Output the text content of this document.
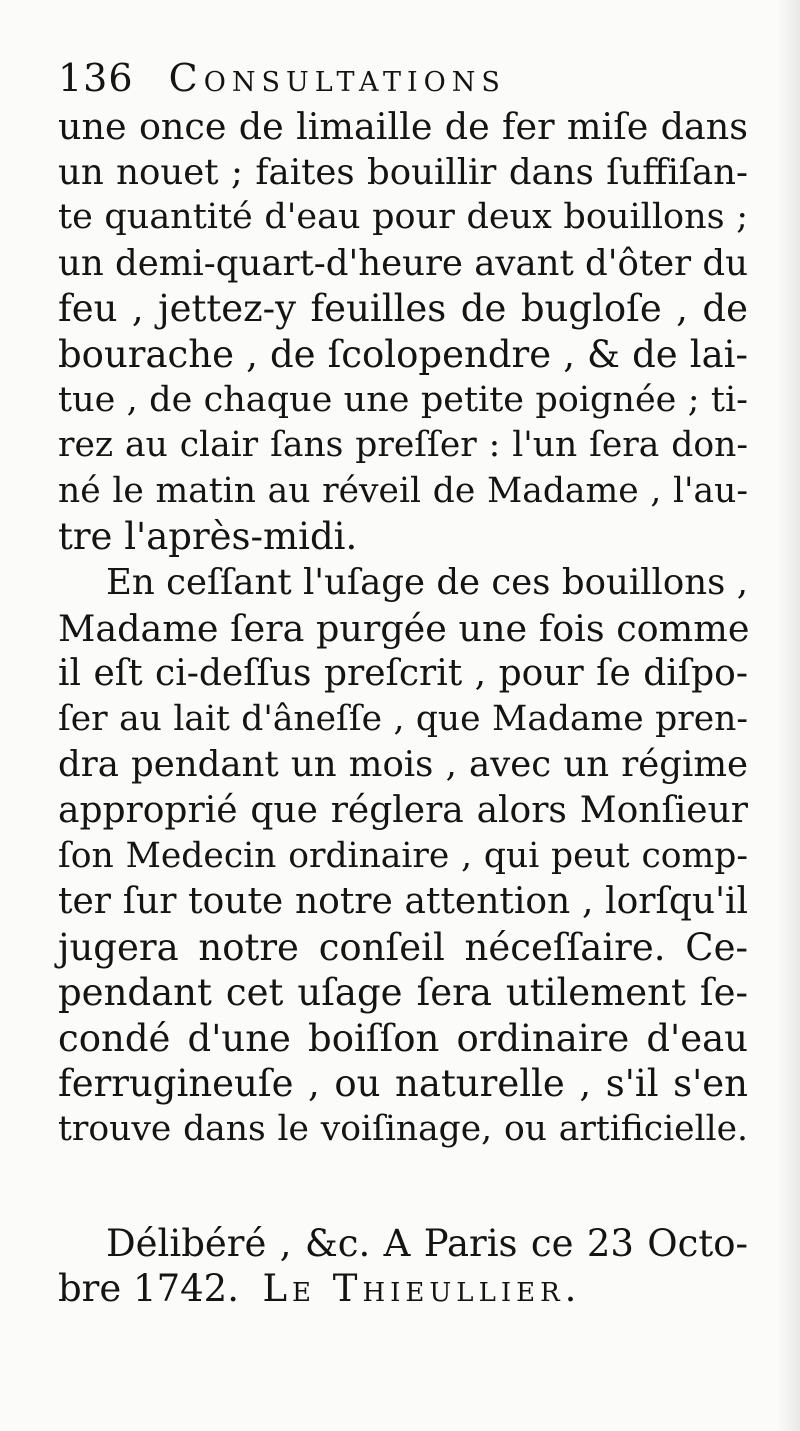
136 Consultations
une once de limaille de fer miſe dans
un nouet ; faites bouillir dans ſuffiſan-
te quantité d'eau pour deux bouillons ;
un demi-quart-d'heure avant d'ôter du
feu , jettez-y feuilles de bugloſe , de
bourache , de ſcolopendre , & de lai-
tue , de chaque une petite poignée ; ti-
rez au clair ſans preſſer : l'un ſera don-
né le matin au réveil de Madame , l'au-
tre l'après-midi.
En ceſſant l'uſage de ces bouillons ,
Madame ſera purgée une fois comme
il eſt ci-deſſus preſcrit , pour ſe diſpo-
ſer au lait d'âneſſe , que Madame pren-
dra pendant un mois , avec un régime
approprié que réglera alors Monſieur
ſon Medecin ordinaire , qui peut comp-
ter ſur toute notre attention , lorſqu'il
jugera notre conſeil néceſſaire. Ce-
pendant cet uſage ſera utilement ſe-
condé d'une boiſſon ordinaire d'eau
ferrugineuſe , ou naturelle , s'il s'en
trouve dans le voiſinage, ou artificielle.
Délibéré , &c. A Paris ce 23 Octo-
bre 1742. Le Thieullier.
